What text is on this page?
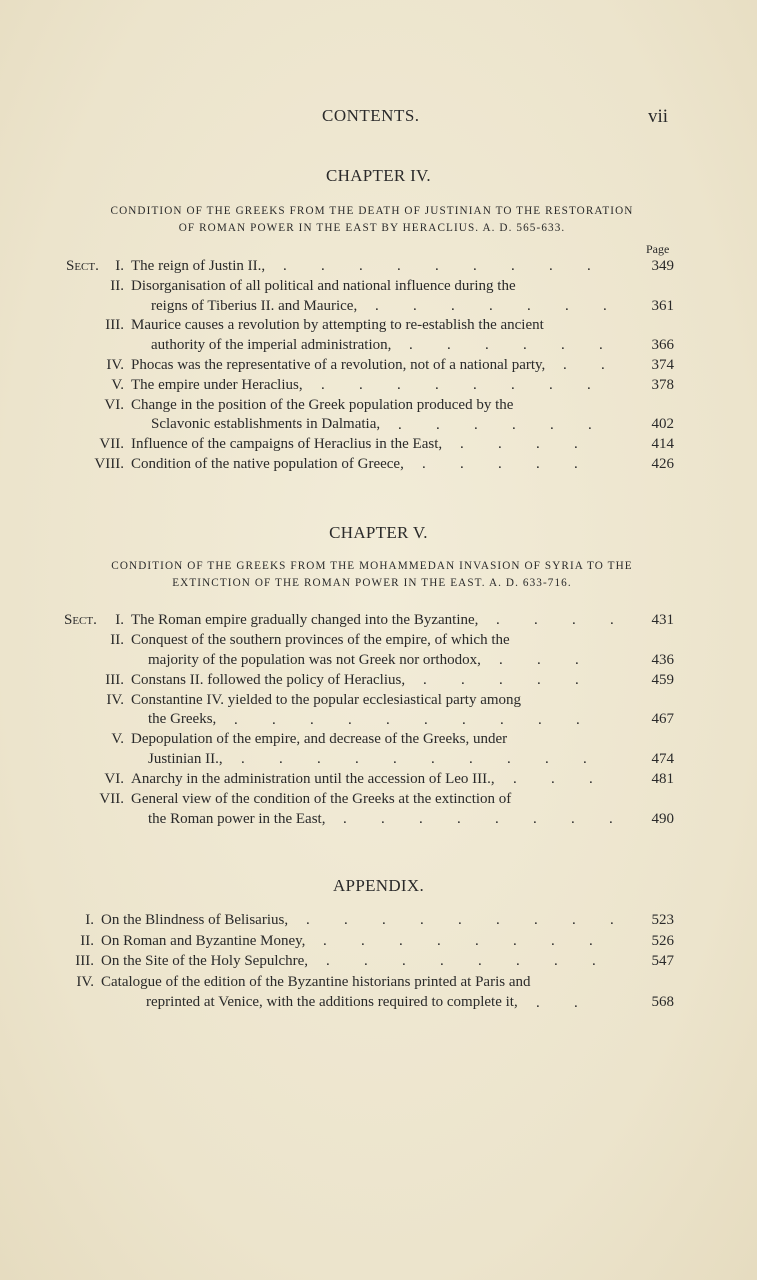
CONTENTS.	vii
CHAPTER IV.
CONDITION OF THE GREEKS FROM THE DEATH OF JUSTINIAN TO THE RESTORATION
OF ROMAN POWER IN THE EAST BY HERACLIUS. A. D. 565-633.
Page
Sect.	I. The reign of Justin II.,	349
. . . . . . . . .
II. Disorganisation of all political and national influence during the
reigns of Tiberius II. and Maurice,	361
. . . . . . .
III. Maurice causes a revolution by attempting to re-establish the ancient
authority of the imperial administration,	366
. . . . . .
IV. Phocas was the representative of a revolution, not of a national party,	374
. .
V. The empire under Heraclius,	378
. . . . . . . .
VI. Change in the position of the Greek population produced by the
Sclavonic establishments in Dalmatia,	402
. . . . . .
VII. Influence of the campaigns of Heraclius in the East,	414
. . . .
VIII. Condition of the native population of Greece,	426
. . . . .
CHAPTER V.
CONDITION OF THE GREEKS FROM THE MOHAMMEDAN INVASION OF SYRIA TO THE
EXTINCTION OF THE ROMAN POWER IN THE EAST. A. D. 633-716.
Sect.	I. The Roman empire gradually changed into the Byzantine,	431
. . . .
II. Conquest of the southern provinces of the empire, of which the
majority of the population was not Greek nor orthodox,	436
. . .
III. Constans II. followed the policy of Heraclius,	459
. . . . .
IV. Constantine IV. yielded to the popular ecclesiastical party among
the Greeks,	467
. . . . . . . . . .
V. Depopulation of the empire, and decrease of the Greeks, under
Justinian II.,	474
. . . . . . . . . .
VI. Anarchy in the administration until the accession of Leo III.,	481
. . .
VII. General view of the condition of the Greeks at the extinction of
the Roman power in the East,	490
. . . . . . . .
APPENDIX.
I. On the Blindness of Belisarius,	523
. . . . . . . . .
II. On Roman and Byzantine Money,	526
. . . . . . . .
III. On the Site of the Holy Sepulchre,	547
. . . . . . . .
IV. Catalogue of the edition of the Byzantine historians printed at Paris and
reprinted at Venice, with the additions required to complete it,	568
. .
